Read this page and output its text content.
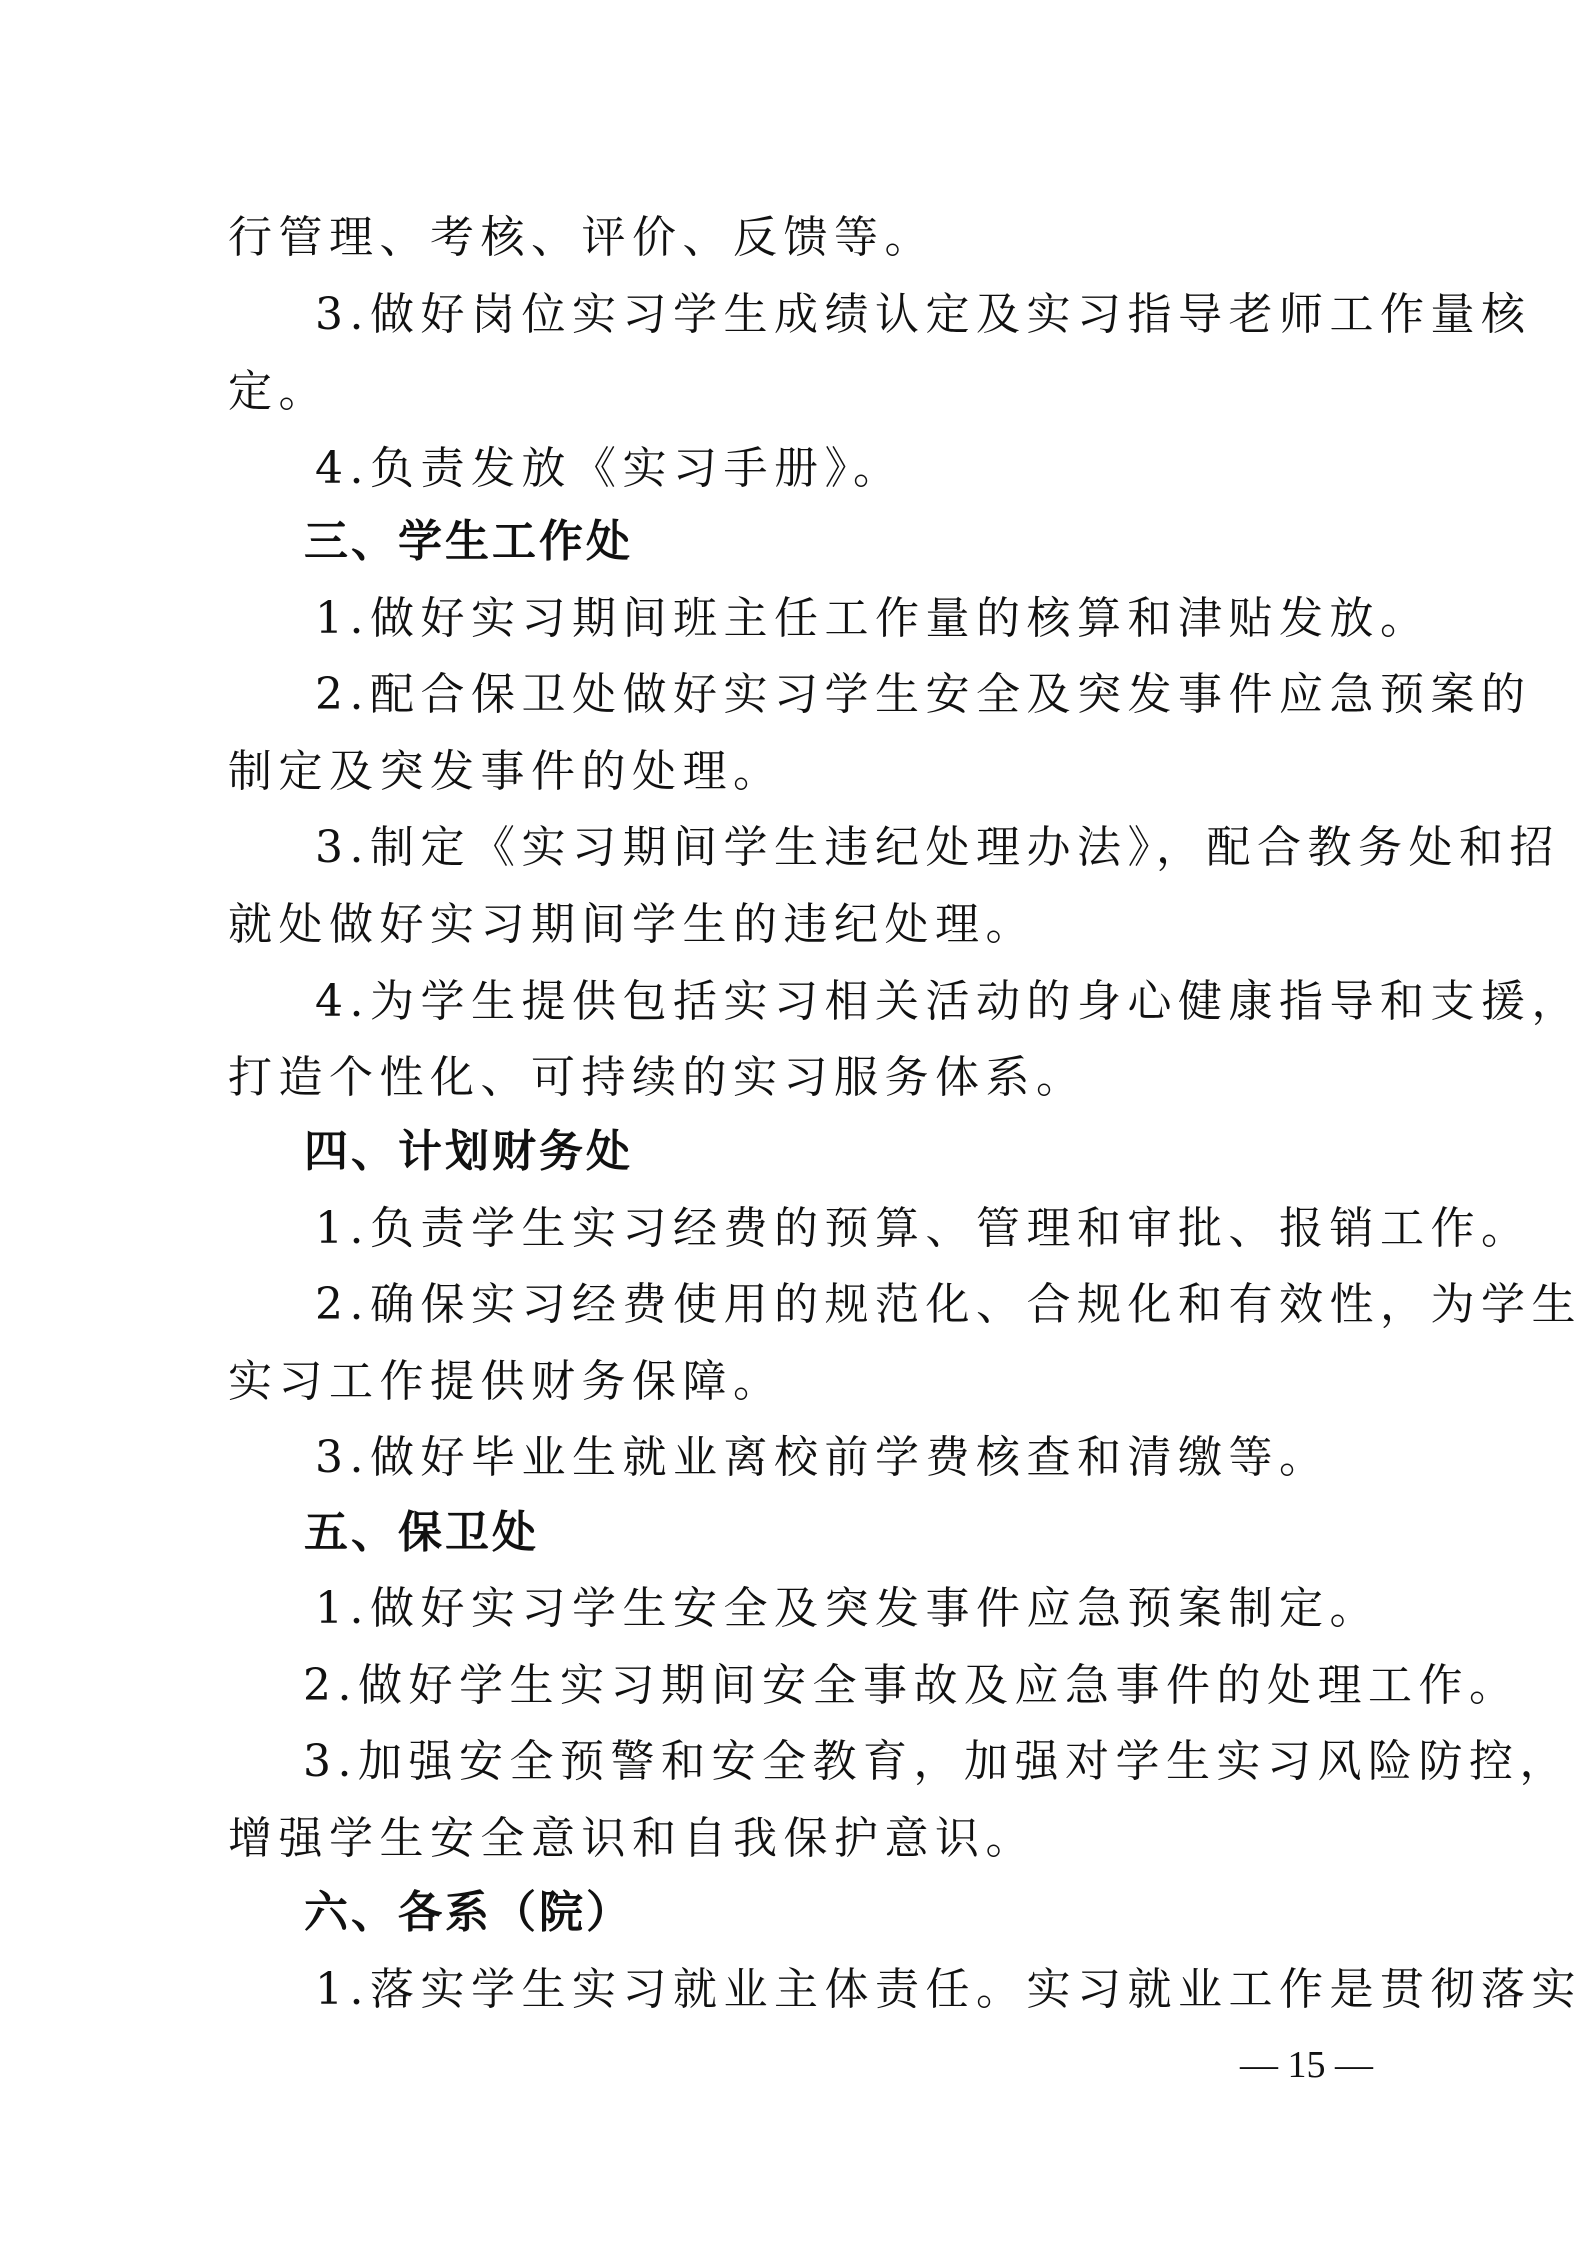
行管理、考核、评价、反馈等。
3.做好岗位实习学生成绩认定及实习指导老师工作量核
定。
4.负责发放《实习手册》。
三、学生工作处
1.做好实习期间班主任工作量的核算和津贴发放。
2.配合保卫处做好实习学生安全及突发事件应急预案的
制定及突发事件的处理。
3.制定《实习期间学生违纪处理办法》，配合教务处和招
就处做好实习期间学生的违纪处理。
4.为学生提供包括实习相关活动的身心健康指导和支援，
打造个性化、可持续的实习服务体系。
四、计划财务处
1.负责学生实习经费的预算、管理和审批、报销工作。
2.确保实习经费使用的规范化、合规化和有效性，为学生
实习工作提供财务保障。
3.做好毕业生就业离校前学费核查和清缴等。
五、保卫处
1.做好实习学生安全及突发事件应急预案制定。
2.做好学生实习期间安全事故及应急事件的处理工作。
3.加强安全预警和安全教育，加强对学生实习风险防控，
增强学生安全意识和自我保护意识。
六、各系（院）
1.落实学生实习就业主体责任。实习就业工作是贯彻落实
— 15 —
